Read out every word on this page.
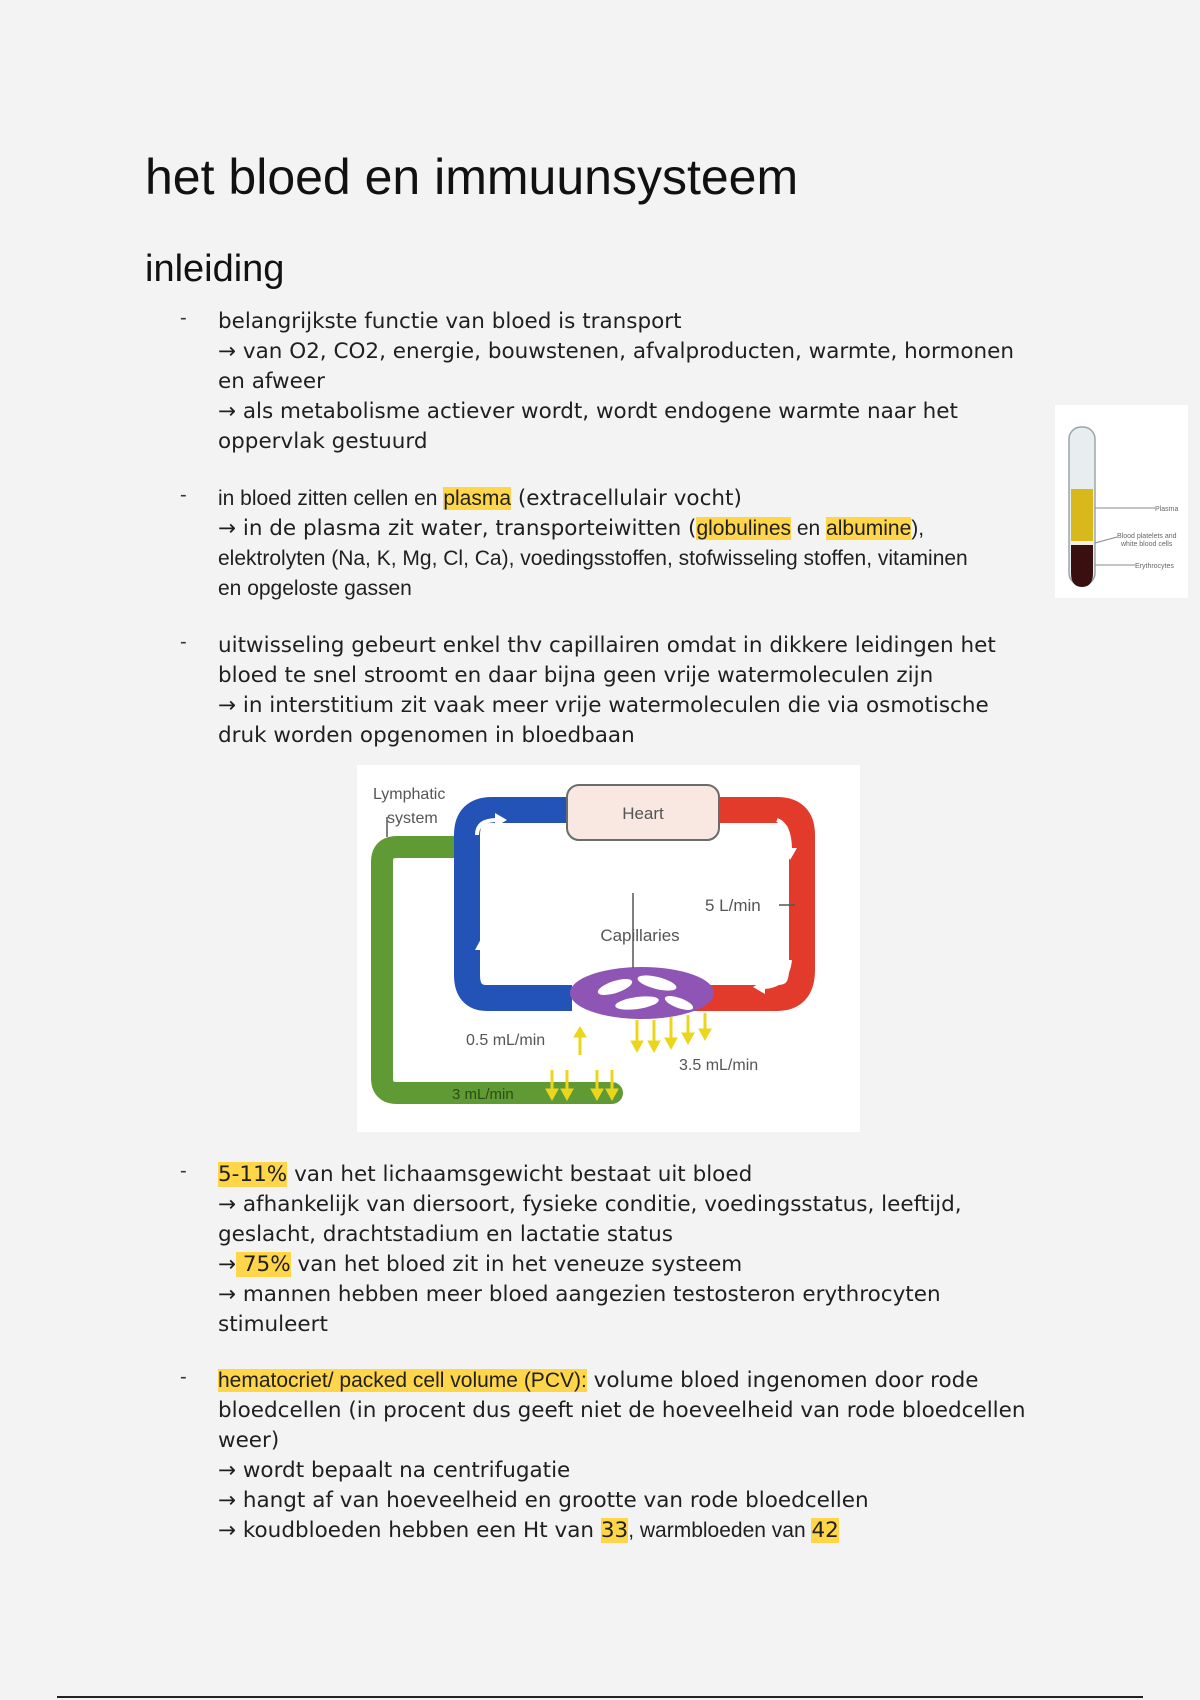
het bloed en immuunsysteem
inleiding
- belangrijkste functie van bloed is transport
→ van O2, CO2, energie, bouwstenen, afvalproducten, warmte, hormonen
en afweer
→ als metabolisme actiever wordt, wordt endogene warmte naar het
oppervlak gestuurd
- in bloed zitten cellen en plasma (extracellulair vocht)
→ in de plasma zit water, transporteiwitten (globulines en albumine),
elektrolyten (Na, K, Mg, Cl, Ca), voedingsstoffen, stofwisseling stoffen, vitaminen
en opgeloste gassen
- uitwisseling gebeurt enkel thv capillairen omdat in dikkere leidingen het
bloed te snel stroomt en daar bijna geen vrije watermoleculen zijn
→ in interstitium zit vaak meer vrije watermoleculen die via osmotische
druk worden opgenomen in bloedbaan
- 5-11% van het lichaamsgewicht bestaat uit bloed
→ afhankelijk van diersoort, fysieke conditie, voedingsstatus, leeftijd,
geslacht, drachtstadium en lactatie status
→ 75% van het bloed zit in het veneuze systeem
→ mannen hebben meer bloed aangezien testosteron erythrocyten
stimuleert
- hematocriet/ packed cell volume (PCV): volume bloed ingenomen door rode
bloedcellen (in procent dus geeft niet de hoeveelheid van rode bloedcellen
weer)
→ wordt bepaalt na centrifugatie
→ hangt af van hoeveelheid en grootte van rode bloedcellen
→ koudbloeden hebben een Ht van 33, warmbloeden van 42
Lymphatic
system	Heart
Capillaries
5 L/min
0.5 mL/min
3.5 mL/min
3 mL/min
Plasma
Blood platelets and
white blood cells
Erythrocytes
